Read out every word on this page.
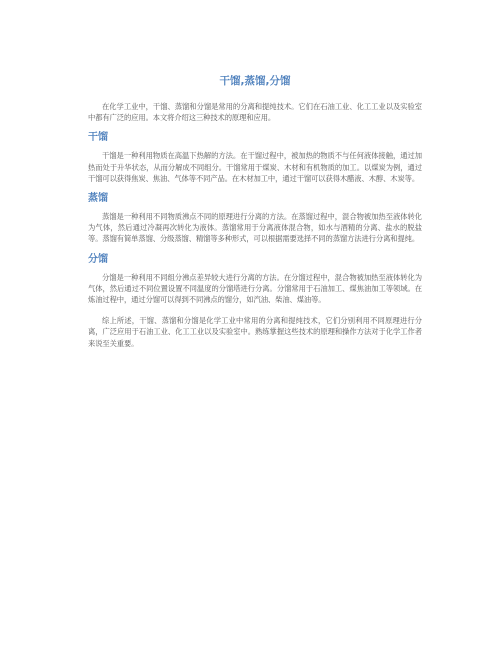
干馏,蒸馏,分馏

在化学工业中，干馏、蒸馏和分馏是常用的分离和提纯技术。它们在石油工业、化工工业以及实验室中都有广泛的应用。本文将介绍这三种技术的原理和应用。

干馏

干馏是一种利用物质在高温下热解的方法。在干馏过程中，被加热的物质不与任何液体接触，通过加热而处于升华状态，从而分解成不同组分。干馏常用于煤炭、木材和有机物质的加工。以煤炭为例，通过干馏可以获得焦炭、焦油、气体等不同产品。在木材加工中，通过干馏可以获得木醋液、木醇、木炭等。

蒸馏

蒸馏是一种利用不同物质沸点不同的原理进行分离的方法。在蒸馏过程中，混合物被加热至液体转化为气体，然后通过冷凝再次转化为液体。蒸馏常用于分离液体混合物，如水与酒精的分离、盐水的脱盐等。蒸馏有简单蒸馏、分级蒸馏、精馏等多种形式，可以根据需要选择不同的蒸馏方法进行分离和提纯。

分馏

分馏是一种利用不同组分沸点差异较大进行分离的方法。在分馏过程中，混合物被加热至液体转化为气体，然后通过不同位置设置不同温度的分馏塔进行分离。分馏常用于石油加工、煤焦油加工等领域。在炼油过程中，通过分馏可以得到不同沸点的馏分，如汽油、柴油、煤油等。

综上所述，干馏、蒸馏和分馏是化学工业中常用的分离和提纯技术，它们分别利用不同原理进行分离，广泛应用于石油工业、化工工业以及实验室中。熟练掌握这些技术的原理和操作方法对于化学工作者来说至关重要。
